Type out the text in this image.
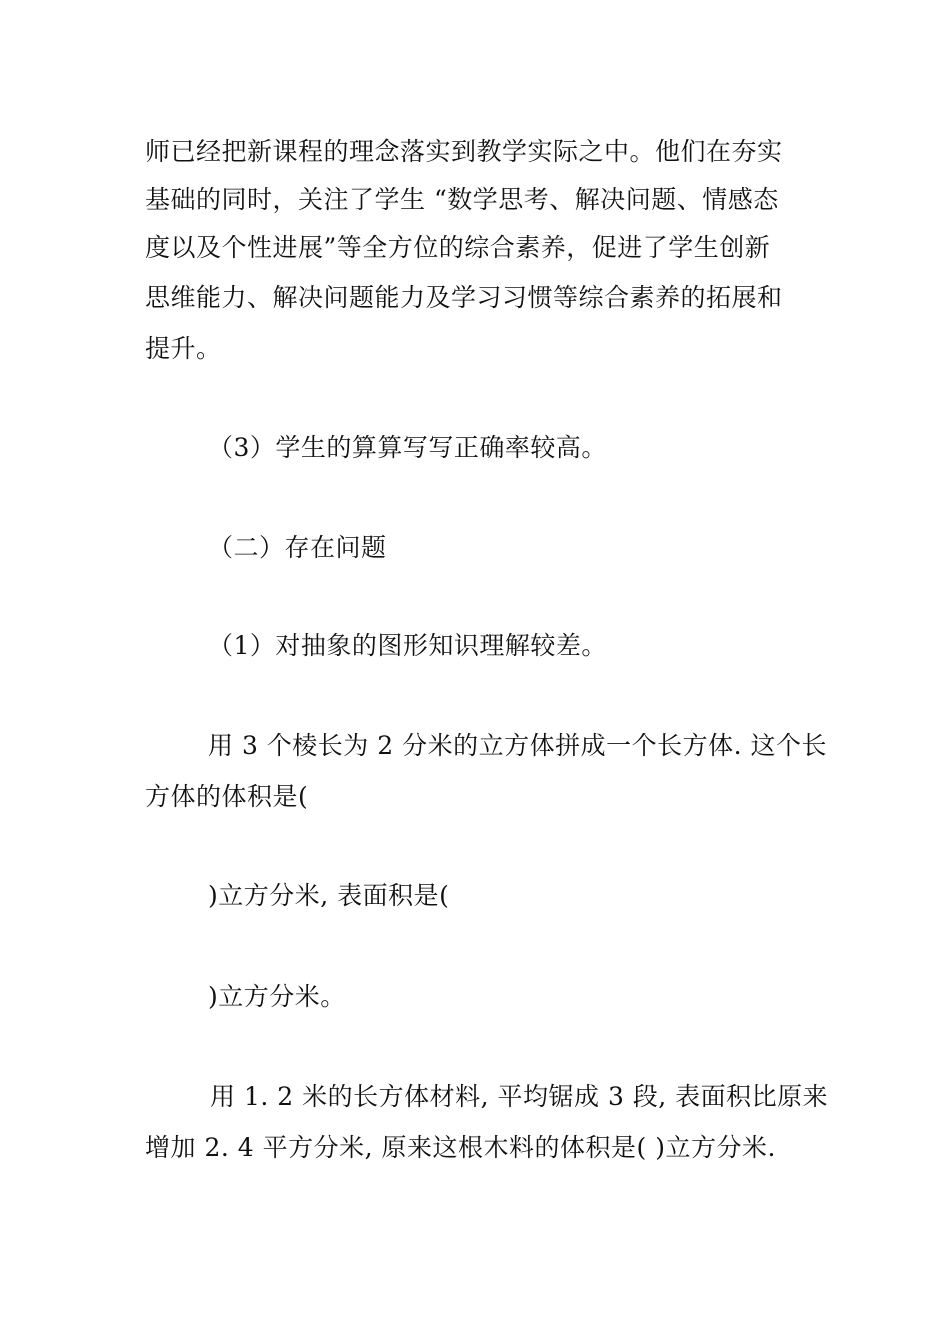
师已经把新课程的理念落实到教学实际之中。他们在夯实
基础的同时，关注了学生 “数学思考、解决问题、情感态
度以及个性进展”等全方位的综合素养，促进了学生创新
思维能力、解决问题能力及学习习惯等综合素养的拓展和
提升。
（3）学生的算算写写正确率较高。
（二）存在问题
（1）对抽象的图形知识理解较差。
用 3 个棱长为 2 分米的立方体拼成一个长方体. 这个长
方体的体积是(
)立方分米, 表面积是(
)立方分米。
用 1. 2 米的长方体材料, 平均锯成 3 段, 表面积比原来
增加 2. 4 平方分米, 原来这根木料的体积是( )立方分米.
